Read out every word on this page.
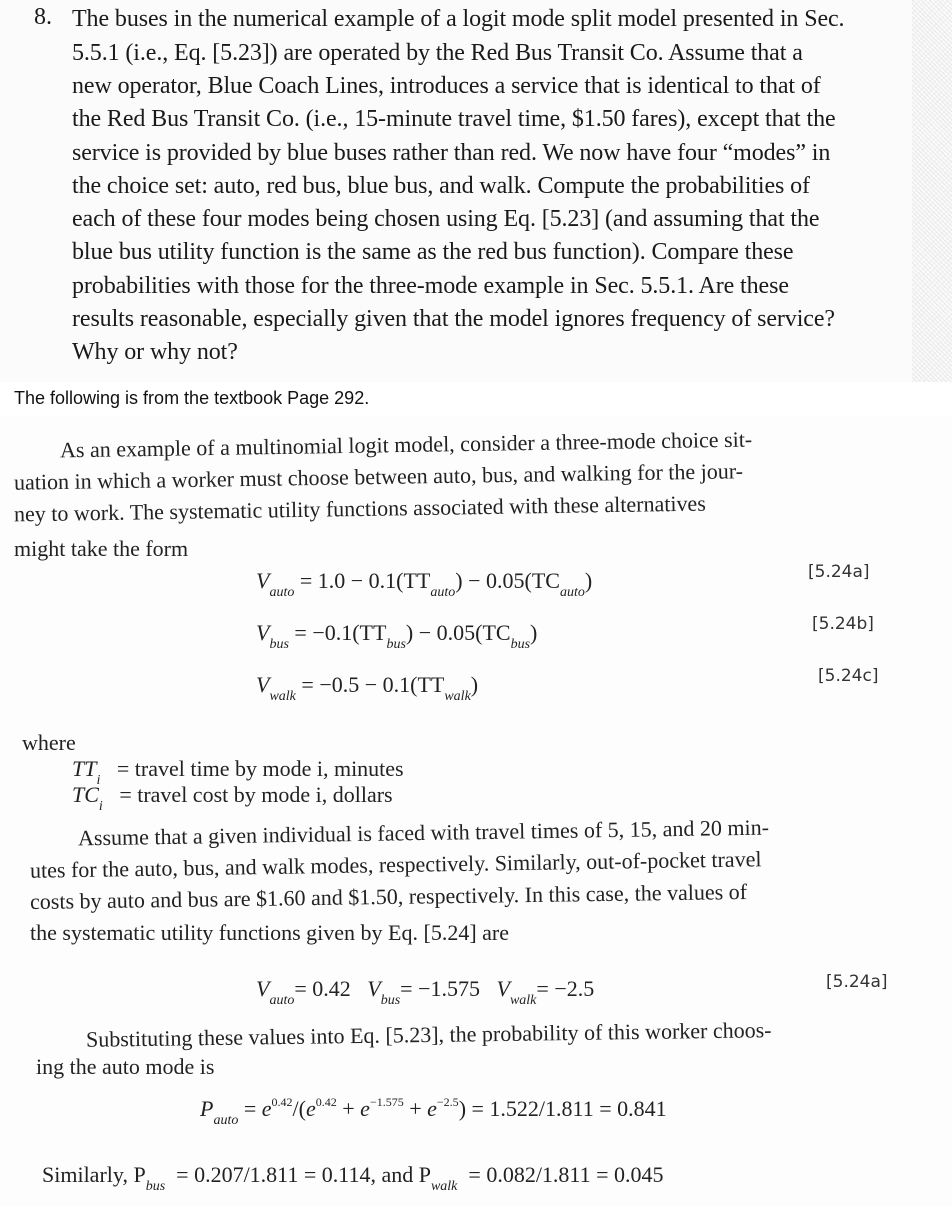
8. The buses in the numerical example of a logit mode split model presented in Sec.
5.5.1 (i.e., Eq. [5.23]) are operated by the Red Bus Transit Co. Assume that a
new operator, Blue Coach Lines, introduces a service that is identical to that of
the Red Bus Transit Co. (i.e., 15-minute travel time, $1.50 fares), except that the
service is provided by blue buses rather than red. We now have four “modes” in
the choice set: auto, red bus, blue bus, and walk. Compute the probabilities of
each of these four modes being chosen using Eq. [5.23] (and assuming that the
blue bus utility function is the same as the red bus function). Compare these
probabilities with those for the three-mode example in Sec. 5.5.1. Are these
results reasonable, especially given that the model ignores frequency of service?
Why or why not?
The following is from the textbook Page 292.
As an example of a multinomial logit model, consider a three-mode choice sit-
uation in which a worker must choose between auto, bus, and walking for the jour-
ney to work. The systematic utility functions associated with these alternatives
might take the form
$V_{auto} = 1.0 - 0.1(TT_{auto}) - 0.05(TC_{auto})$	[5.24a]
$V_{bus} = -0.1(TT_{bus}) - 0.05(TC_{bus})$	[5.24b]
$V_{walk} = -0.5 - 0.1(TT_{walk})$	[5.24c]
where
$TT_i$ = travel time by mode i, minutes
$TC_i$ = travel cost by mode i, dollars
Assume that a given individual is faced with travel times of 5, 15, and 20 min-
utes for the auto, bus, and walk modes, respectively. Similarly, out-of-pocket travel
costs by auto and bus are $1.60 and $1.50, respectively. In this case, the values of
the systematic utility functions given by Eq. [5.24] are
$V_{auto}= 0.42$ $V_{bus}= -1.575$ $V_{walk}= -2.5$	[5.24a]
Substituting these values into Eq. [5.23], the probability of this worker choos-
ing the auto mode is
$P_{auto} = e^{0.42}/(e^{0.42} + e^{-1.575} + e^{-2.5}) = 1.522/1.811 = 0.841$
Similarly, $P_{bus} = 0.207/1.811 = 0.114$, and $P_{walk} = 0.082/1.811 = 0.045$
